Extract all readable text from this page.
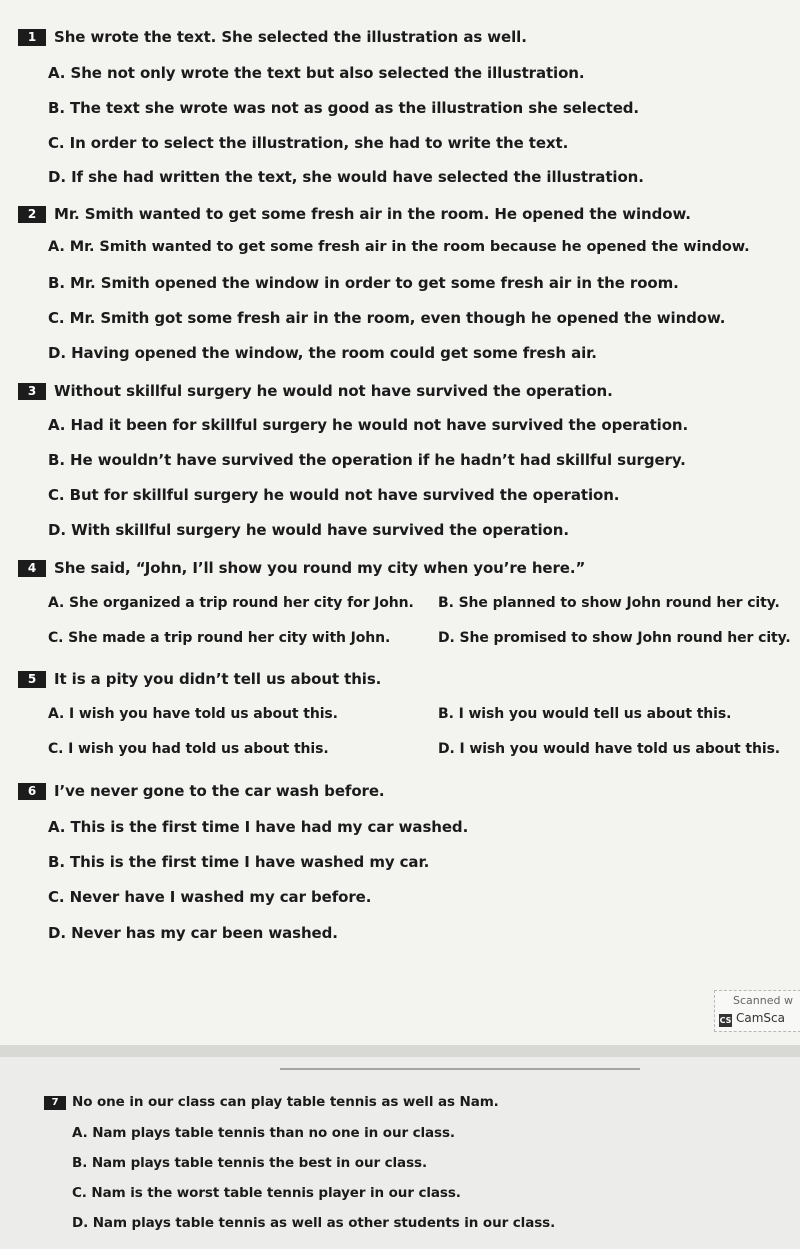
1 She wrote the text. She selected the illustration as well.
A. She not only wrote the text but also selected the illustration.
B. The text she wrote was not as good as the illustration she selected.
C. In order to select the illustration, she had to write the text.
D. If she had written the text, she would have selected the illustration.
2 Mr. Smith wanted to get some fresh air in the room. He opened the window.
A. Mr. Smith wanted to get some fresh air in the room because he opened the window.
B. Mr. Smith opened the window in order to get some fresh air in the room.
C. Mr. Smith got some fresh air in the room, even though he opened the window.
D. Having opened the window, the room could get some fresh air.
3 Without skillful surgery he would not have survived the operation.
A. Had it been for skillful surgery he would not have survived the operation.
B. He wouldn’t have survived the operation if he hadn’t had skillful surgery.
C. But for skillful surgery he would not have survived the operation.
D. With skillful surgery he would have survived the operation.
4 She said, “John, I’ll show you round my city when you’re here.”
A. She organized a trip round her city for John. B. She planned to show John round her city.
C. She made a trip round her city with John.	D. She promised to show John round her city.
5 It is a pity you didn’t tell us about this.
A. I wish you have told us about this.	B. I wish you would tell us about this.
C. I wish you had told us about this.	D. I wish you would have told us about this.
6 I’ve never gone to the car wash before.
A. This is the first time I have had my car washed.
B. This is the first time I have washed my car.
C. Never have I washed my car before.
D. Never has my car been washed.
Scanned w
CS CamSca
7 No one in our class can play table tennis as well as Nam.
A. Nam plays table tennis than no one in our class.
B. Nam plays table tennis the best in our class.
C. Nam is the worst table tennis player in our class.
D. Nam plays table tennis as well as other students in our class.
